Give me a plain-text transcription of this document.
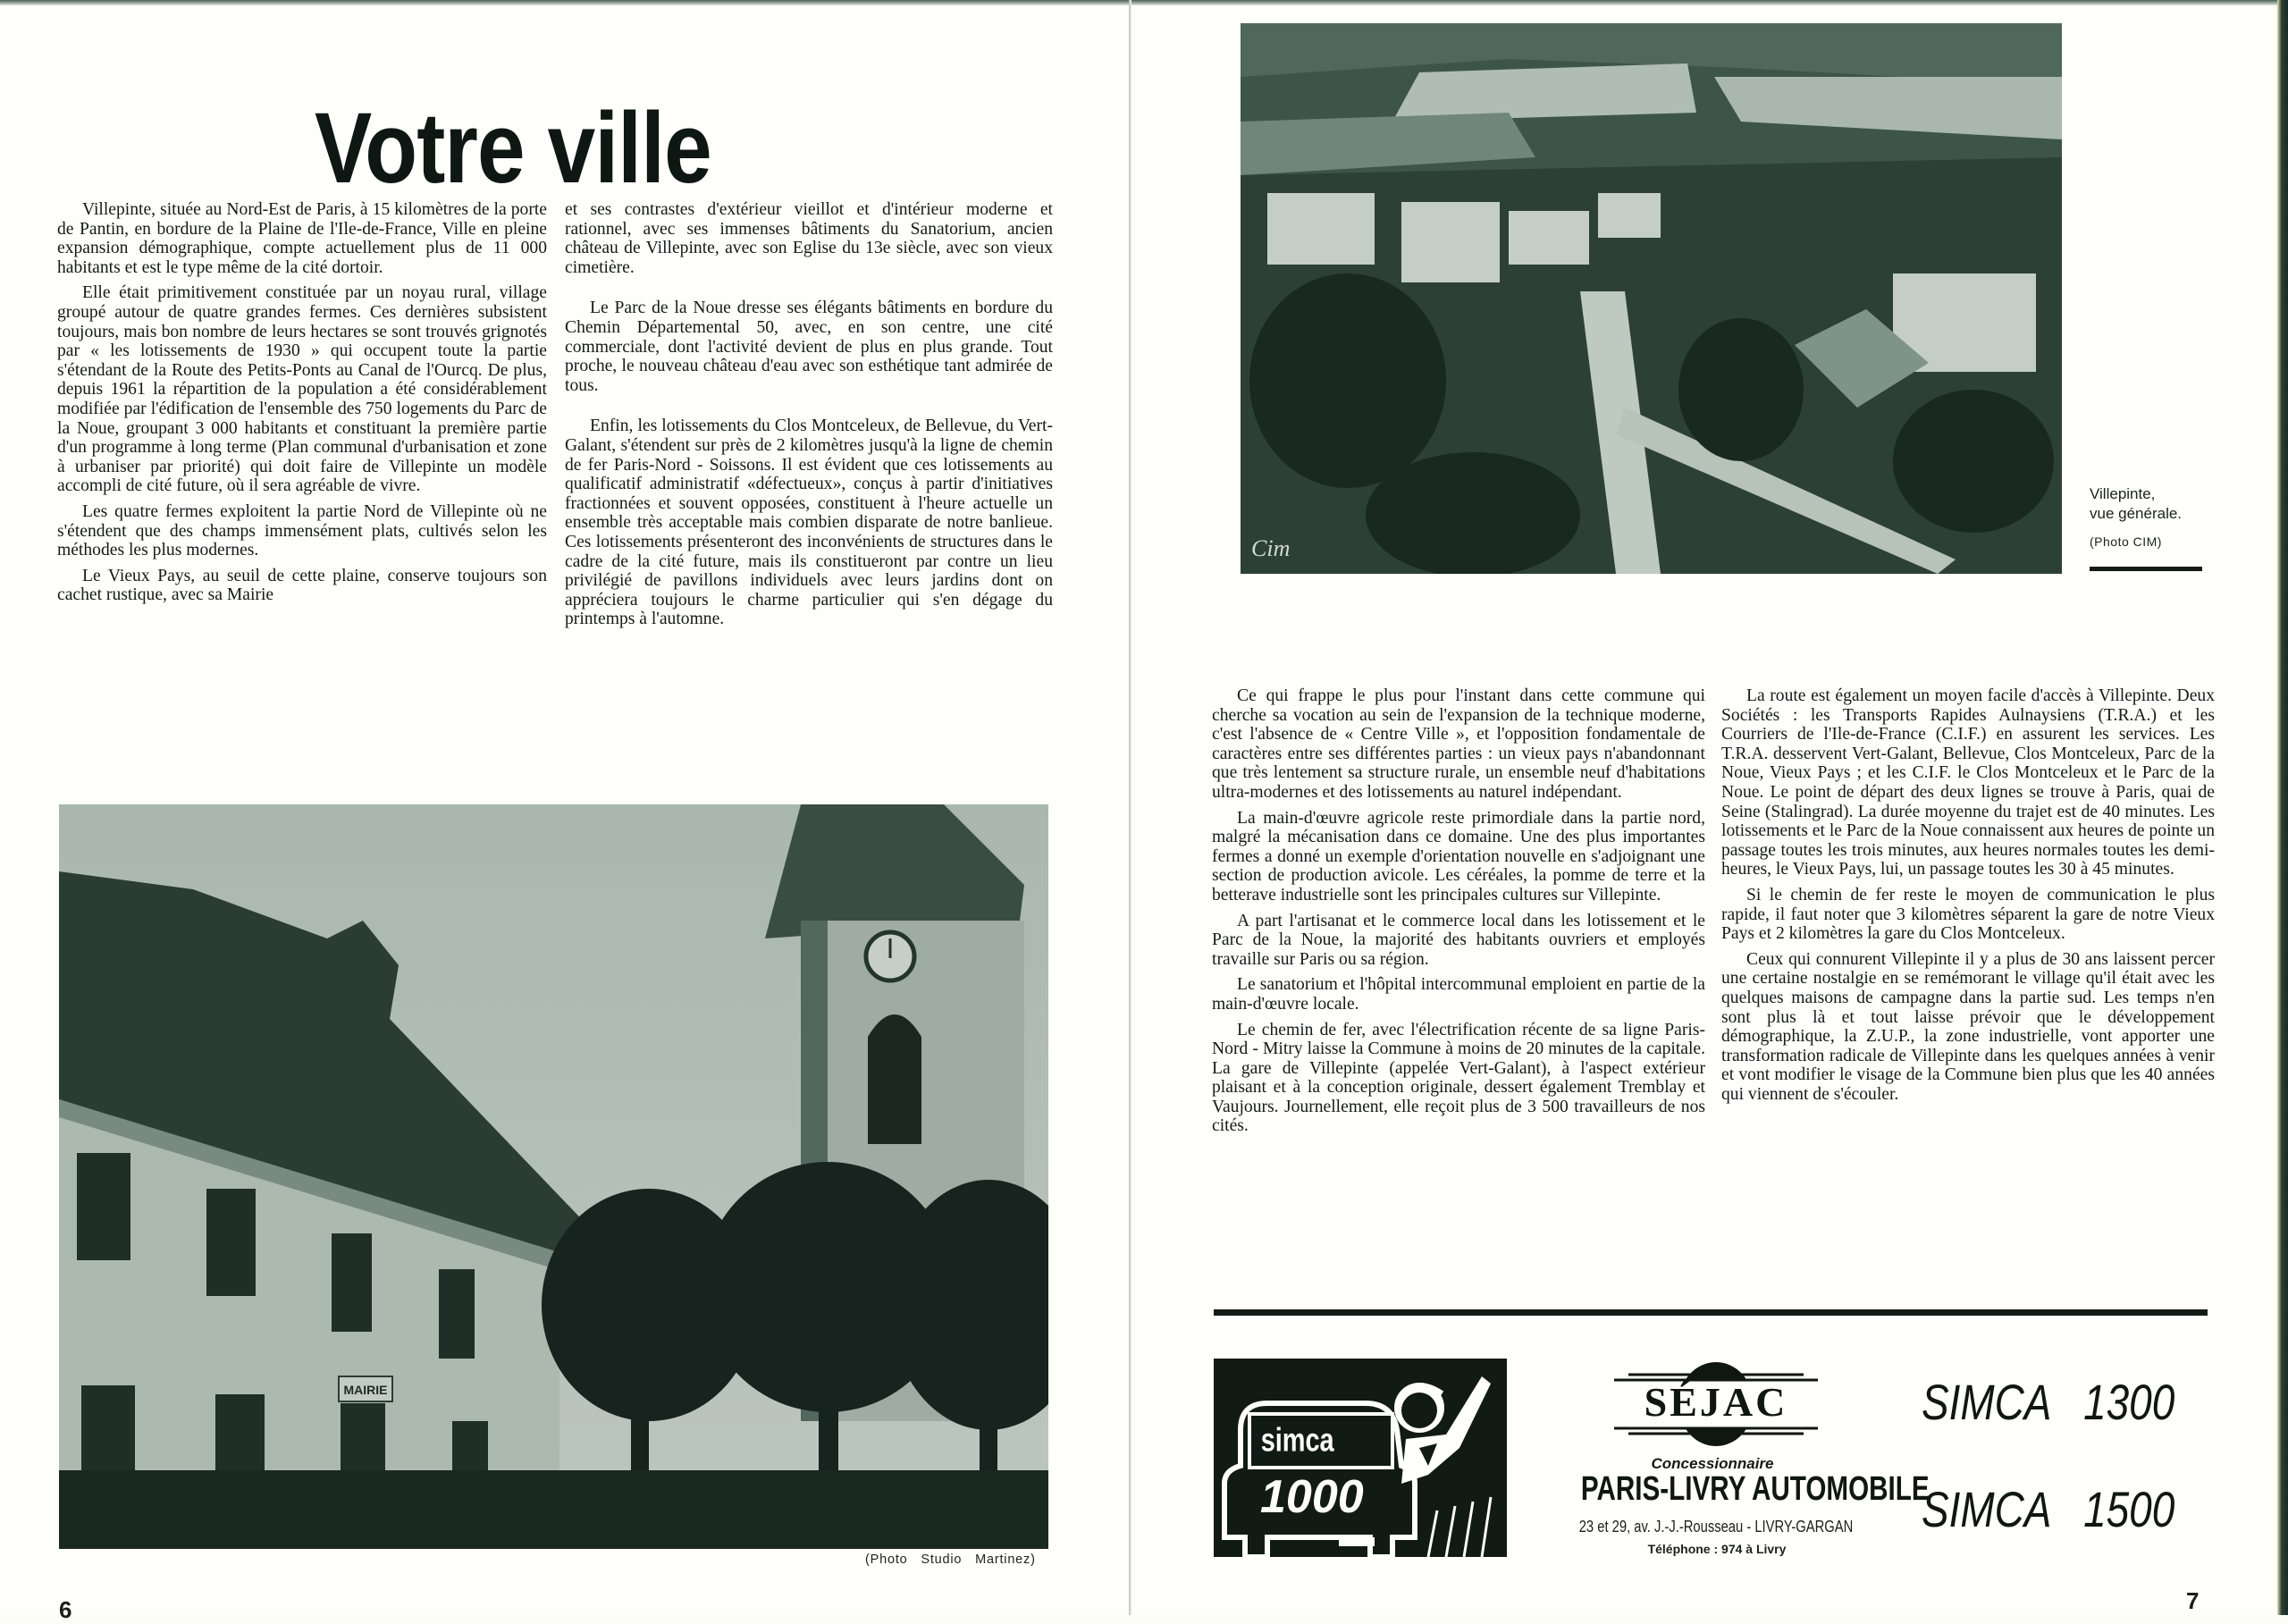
Votre ville

Villepinte, située au Nord-Est de Paris, à 15 kilomètres de la porte de Pantin, en bordure de la Plaine de l'Ile-de-France, Ville en pleine expansion démographique, compte actuellement plus de 11 000 habitants et est le type même de la cité dortoir.

Elle était primitivement constituée par un noyau rural, village groupé autour de quatre grandes fermes. Ces dernières subsistent toujours, mais bon nombre de leurs hectares se sont trouvés grignotés par « les lotissements de 1930 » qui occupent toute la partie s'étendant de la Route des Petits-Ponts au Canal de l'Ourcq. De plus, depuis 1961 la répartition de la population a été considérablement modifiée par l'édification de l'ensemble des 750 logements du Parc de la Noue, groupant 3 000 habitants et constituant la première partie d'un programme à long terme (Plan communal d'urbanisation et zone à urbaniser par priorité) qui doit faire de Villepinte un modèle accompli de cité future, où il sera agréable de vivre.

Les quatre fermes exploitent la partie Nord de Villepinte où ne s'étendent que des champs immensément plats, cultivés selon les méthodes les plus modernes.

Le Vieux Pays, au seuil de cette plaine, conserve toujours son cachet rustique, avec sa Mairie

et ses contrastes d'extérieur vieillot et d'intérieur moderne et rationnel, avec ses immenses bâtiments du Sanatorium, ancien château de Villepinte, avec son Eglise du 13e siècle, avec son vieux cimetière.

Le Parc de la Noue dresse ses élégants bâtiments en bordure du Chemin Départemental 50, avec, en son centre, une cité commerciale, dont l'activité devient de plus en plus grande. Tout proche, le nouveau château d'eau avec son esthétique tant admirée de tous.

Enfin, les lotissements du Clos Montceleux, de Bellevue, du Vert-Galant, s'étendent sur près de 2 kilomètres jusqu'à la ligne de chemin de fer Paris-Nord - Soissons. Il est évident que ces lotissements au qualificatif administratif «défectueux», conçus à partir d'initiatives fractionnées et souvent opposées, constituent à l'heure actuelle un ensemble très acceptable mais combien disparate de notre banlieue. Ces lotissements présenteront des inconvénients de structures dans le cadre de la cité future, mais ils constitueront par contre un lieu privilégié de pavillons individuels avec leurs jardins dont on appréciera toujours le charme particulier qui s'en dégage du printemps à l'automne.

MAIRIE
(Photo Studio Martinez)
6
Cim
Villepinte,
vue générale.
(Photo CIM)

Ce qui frappe le plus pour l'instant dans cette commune qui cherche sa vocation au sein de l'expansion de la technique moderne, c'est l'absence de « Centre Ville », et l'opposition fondamentale de caractères entre ses différentes parties : un vieux pays n'abandonnant que très lentement sa structure rurale, un ensemble neuf d'habitations ultra-modernes et des lotissements au naturel indépendant.

La main-d'œuvre agricole reste primordiale dans la partie nord, malgré la mécanisation dans ce domaine. Une des plus importantes fermes a donné un exemple d'orientation nouvelle en s'adjoignant une section de production avicole. Les céréales, la pomme de terre et la betterave industrielle sont les principales cultures sur Villepinte.

A part l'artisanat et le commerce local dans les lotissement et le Parc de la Noue, la majorité des habitants ouvriers et employés travaille sur Paris ou sa région.

Le sanatorium et l'hôpital intercommunal emploient en partie de la main-d'œuvre locale.

Le chemin de fer, avec l'électrification récente de sa ligne Paris-Nord - Mitry laisse la Commune à moins de 20 minutes de la capitale. La gare de Villepinte (appelée Vert-Galant), à l'aspect extérieur plaisant et à la conception originale, dessert également Tremblay et Vaujours. Journellement, elle reçoit plus de 3 500 travailleurs de nos cités.

La route est également un moyen facile d'accès à Villepinte. Deux Sociétés : les Transports Rapides Aulnaysiens (T.R.A.) et les Courriers de l'Ile-de-France (C.I.F.) en assurent les services. Les T.R.A. desservent Vert-Galant, Bellevue, Clos Montceleux, Parc de la Noue, Vieux Pays ; et les C.I.F. le Clos Montceleux et le Parc de la Noue. Le point de départ des deux lignes se trouve à Paris, quai de Seine (Stalingrad). La durée moyenne du trajet est de 40 minutes. Les lotissements et le Parc de la Noue connaissent aux heures de pointe un passage toutes les trois minutes, aux heures normales toutes les demi-heures, le Vieux Pays, lui, un passage toutes les 30 à 45 minutes.

Si le chemin de fer reste le moyen de communication le plus rapide, il faut noter que 3 kilomètres séparent la gare de notre Vieux Pays et 2 kilomètres la gare du Clos Montceleux.

Ceux qui connurent Villepinte il y a plus de 30 ans laissent percer une certaine nostalgie en se remémorant le village qu'il était avec les quelques maisons de campagne dans la partie sud. Les temps n'en sont plus là et tout laisse prévoir que le développement démographique, la Z.U.P., la zone industrielle, vont apporter une transformation radicale de Villepinte dans les quelques années à venir et vont modifier le visage de la Commune bien plus que les 40 années qui viennent de s'écouler.

simca
1000
SÉJAC
Concessionnaire
PARIS-LIVRY AUTOMOBILE
23 et 29, av. J.-J.-Rousseau - LIVRY-GARGAN
Téléphone : 974 à Livry
SIMCA 1300
SIMCA 1500
7
